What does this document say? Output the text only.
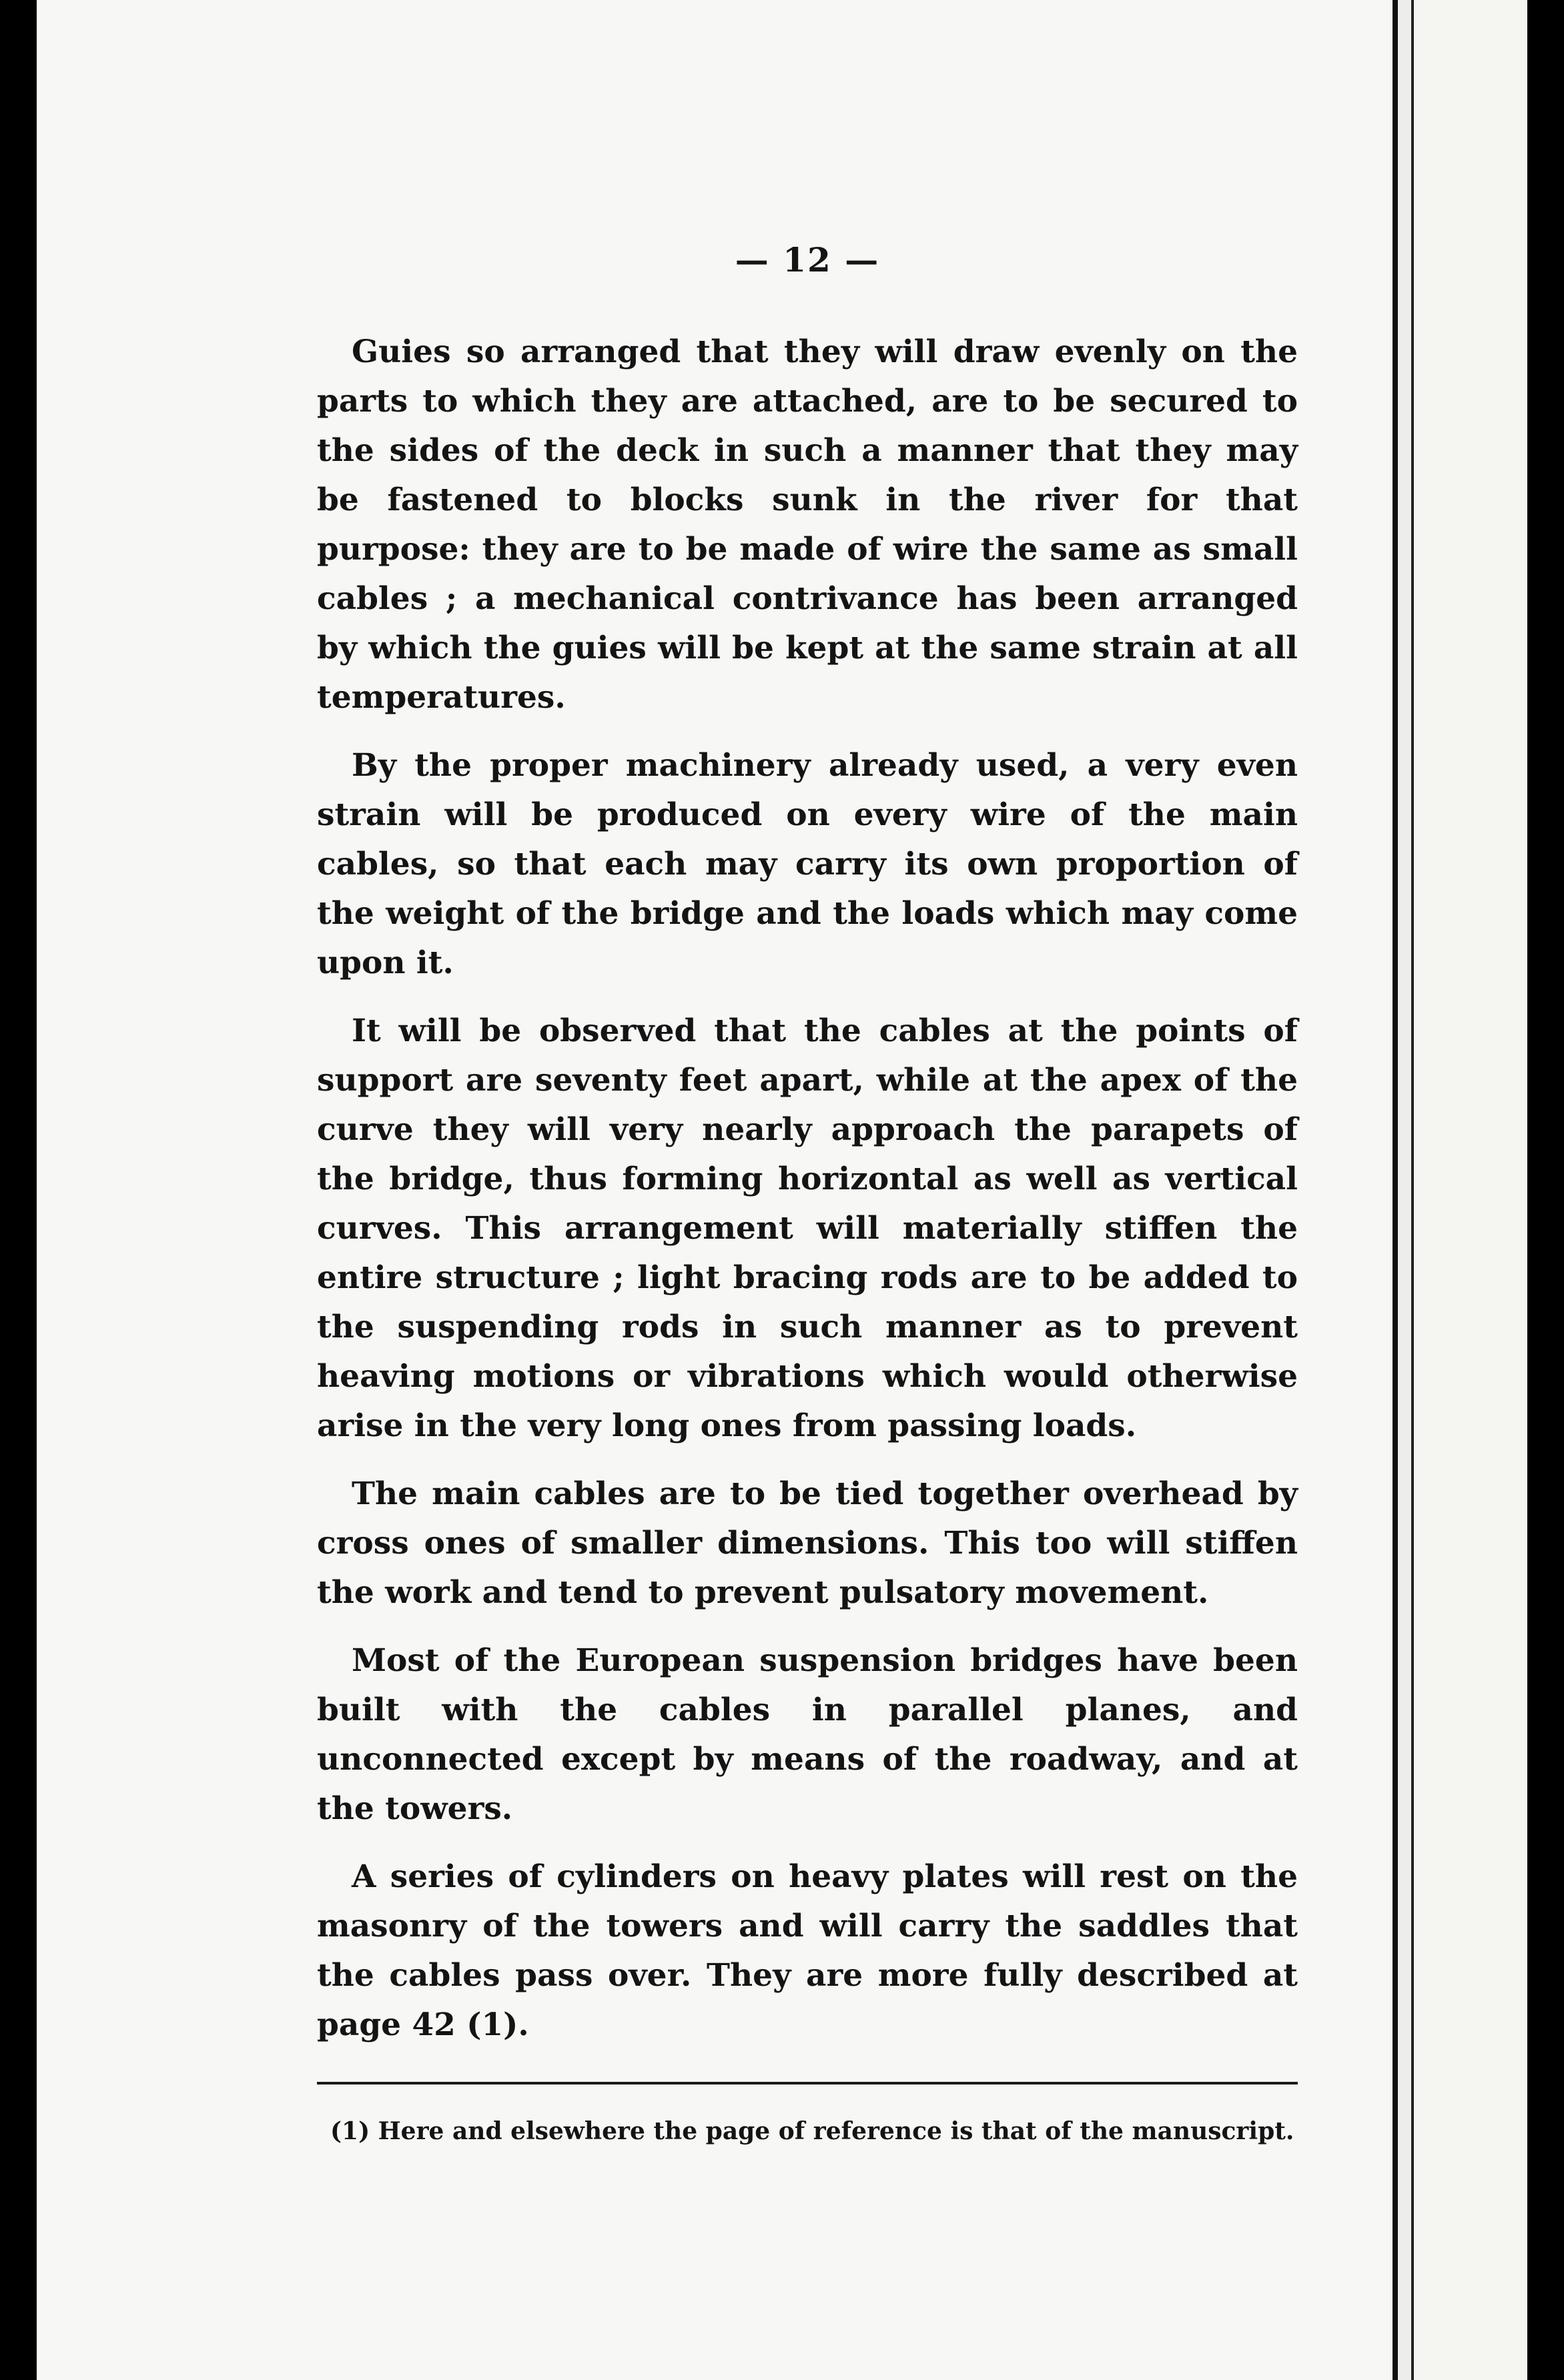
— 12 —

Guies so arranged that they will draw evenly on the parts to which they are attached, are to be secured to the sides of the deck in such a manner that they may be fastened to blocks sunk in the river for that purpose: they are to be made of wire the same as small cables ; a mechanical contrivance has been arranged by which the guies will be kept at the same strain at all temperatures.

By the proper machinery already used, a very even strain will be produced on every wire of the main cables, so that each may carry its own proportion of the weight of the bridge and the loads which may come upon it.

It will be observed that the cables at the points of support are seventy feet apart, while at the apex of the curve they will very nearly approach the parapets of the bridge, thus forming horizontal as well as vertical curves. This arrangement will materially stiffen the entire structure ; light bracing rods are to be added to the suspending rods in such manner as to prevent heaving motions or vibrations which would otherwise arise in the very long ones from passing loads.

The main cables are to be tied together overhead by cross ones of smaller dimensions. This too will stiffen the work and tend to prevent pulsatory movement.

Most of the European suspension bridges have been built with the cables in parallel planes, and unconnected except by means of the roadway, and at the towers.

A series of cylinders on heavy plates will rest on the masonry of the towers and will carry the saddles that the cables pass over. They are more fully described at page 42 (1).

(1) Here and elsewhere the page of reference is that of the manuscript.
